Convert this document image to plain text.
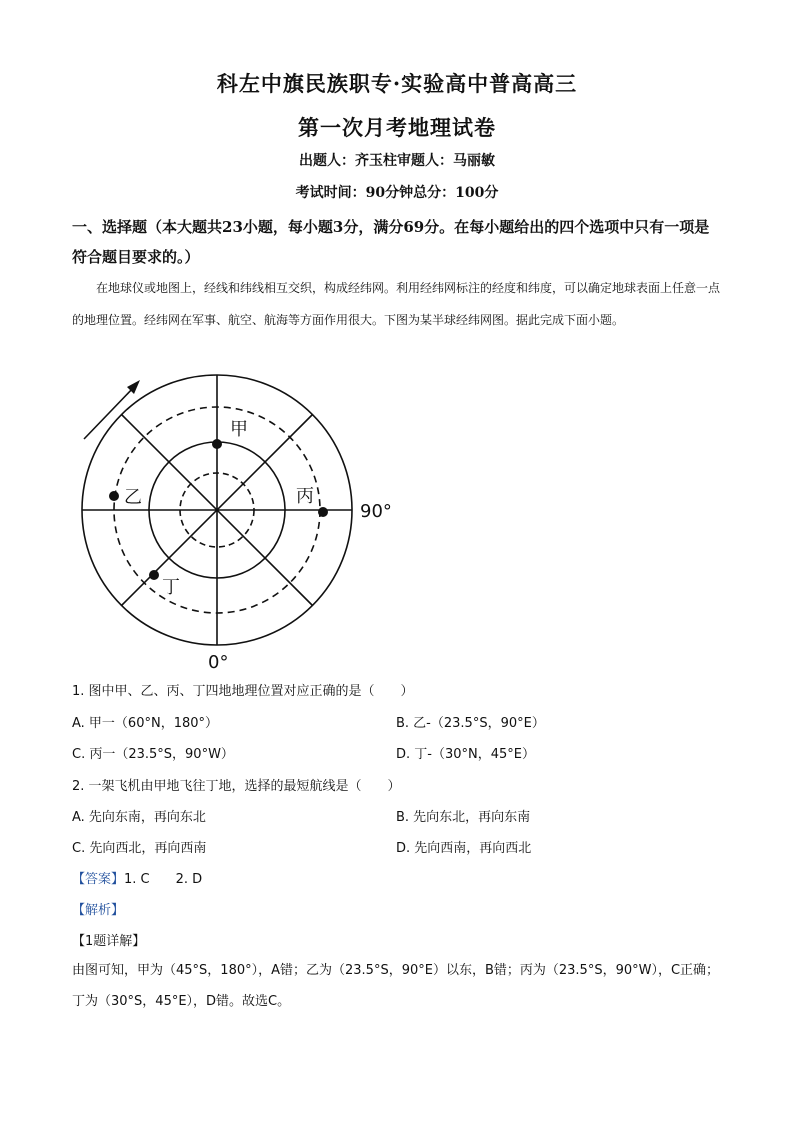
科左中旗民族职专·实验高中普高高三
第一次月考地理试卷
出题人：齐玉柱审题人：马丽敏
考试时间：90分钟总分：100分
一、选择题（本大题共23小题，每小题3分，满分69分。在每小题给出的四个选项中只有一项是符合题目要求的。）
在地球仪或地图上，经线和纬线相互交织，构成经纬网。利用经纬网标注的经度和纬度，可以确定地球表面上任意一点的地理位置。经纬网在军事、航空、航海等方面作用很大。下图为某半球经纬网图。据此完成下面小题。
甲
乙	丙
丁
90°
0°
1. 图中甲、乙、丙、丁四地地理位置对应正确的是（　　）
A. 甲一（60°N，180°）	B. 乙-（23.5°S，90°E）
C. 丙一（23.5°S，90°W）	D. 丁-（30°N，45°E）
2. 一架飞机由甲地飞往丁地，选择的最短航线是（　　）
A. 先向东南，再向东北	B. 先向东北，再向东南
C. 先向西北，再向西南	D. 先向西南，再向西北
【答案】1. C　　2. D
【解析】
【1题详解】
由图可知，甲为（45°S，180°），A错；乙为（23.5°S，90°E）以东，B错；丙为（23.5°S，90°W），C正确；丁为（30°S，45°E），D错。故选C。
